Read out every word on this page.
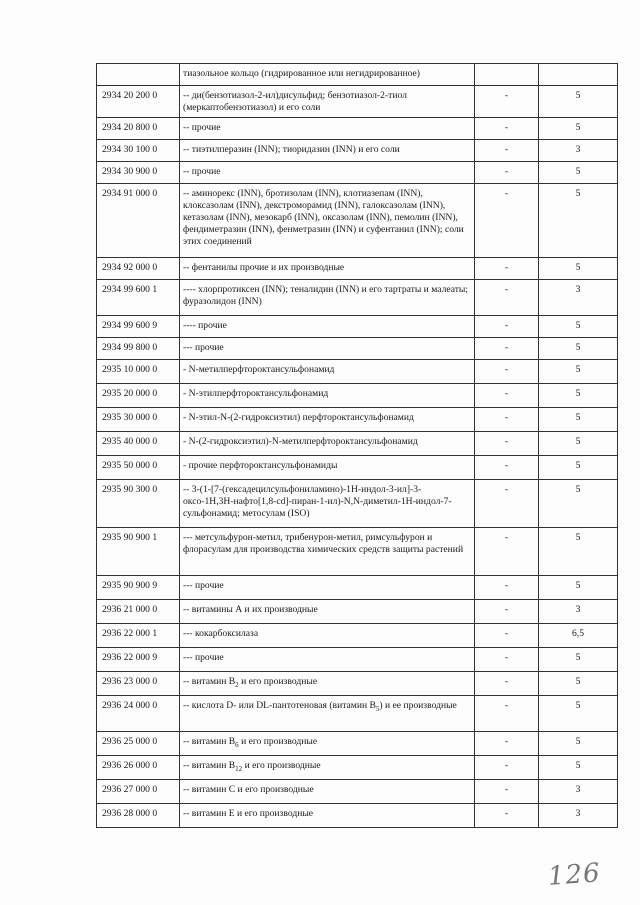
	тиазольное кольцо (гидрированное или негидрированное)		
2934 20 200 0	-- ди(бензотиазол-2-ил)дисульфид; бензотиазол-2-тиол (меркаптобензотиазол) и его соли	-	5
2934 20 800 0	-- прочие	-	5
2934 30 100 0	-- тиэтилперазин (INN); тиоридазин (INN) и его соли	-	3
2934 30 900 0	-- прочие	-	5
2934 91 000 0	-- аминорекс (INN), бротизолам (INN), клотиазепам (INN), клоксазолам (INN), декстроморамид (INN), галоксазолам (INN), кетазолам (INN), мезокарб (INN), оксазолам (INN), пемолин (INN), фендиметразин (INN), фенметразин (INN) и суфентанил (INN); соли этих соединений	-	5
2934 92 000 0	-- фентанилы прочие и их производные	-	5
2934 99 600 1	---- хлорпротиксен (INN); теналидин (INN) и его тартраты и малеаты; фуразолидон (INN)	-	3
2934 99 600 9	---- прочие	-	5
2934 99 800 0	--- прочие	-	5
2935 10 000 0	- N-метилперфтороктансульфонамид	-	5
2935 20 000 0	- N-этилперфтороктансульфонамид	-	5
2935 30 000 0	- N-этил-N-(2-гидроксиэтил) перфтороктансульфонамид	-	5
2935 40 000 0	- N-(2-гидроксиэтил)-N-метилперфтороктансульфонамид	-	5
2935 50 000 0	- прочие перфтороктансульфонамиды	-	5
2935 90 300 0	-- 3-(1-[7-(гексадецилсульфониламино)-1H-индол-3-ил]-3-оксо-1H,3H-нафто[1,8-cd]-пиран-1-ил)-N,N-диметил-1H-индол-7-сульфонамид; метосулам (ISO)	-	5
2935 90 900 1	--- метсульфурон-метил, трибенурон-метил, римсульфурон и флорасулам для производства химических средств защиты растений	-	5
2935 90 900 9	--- прочие	-	5
2936 21 000 0	-- витамины А и их производные	-	3
2936 22 000 1	--- кокарбоксилаза	-	6,5
2936 22 000 9	--- прочие	-	5
2936 23 000 0	-- витамин $B_2$ и его производные	-	5
2936 24 000 0	-- кислота D- или DL-пантотеновая (витамин $B_5$) и ее производные	-	5
2936 25 000 0	-- витамин $B_6$ и его производные	-	5
2936 26 000 0	-- витамин $B_{12}$ и его производные	-	5
2936 27 000 0	-- витамин C и его производные	-	3
2936 28 000 0	-- витамин E и его производные	-	3
126
